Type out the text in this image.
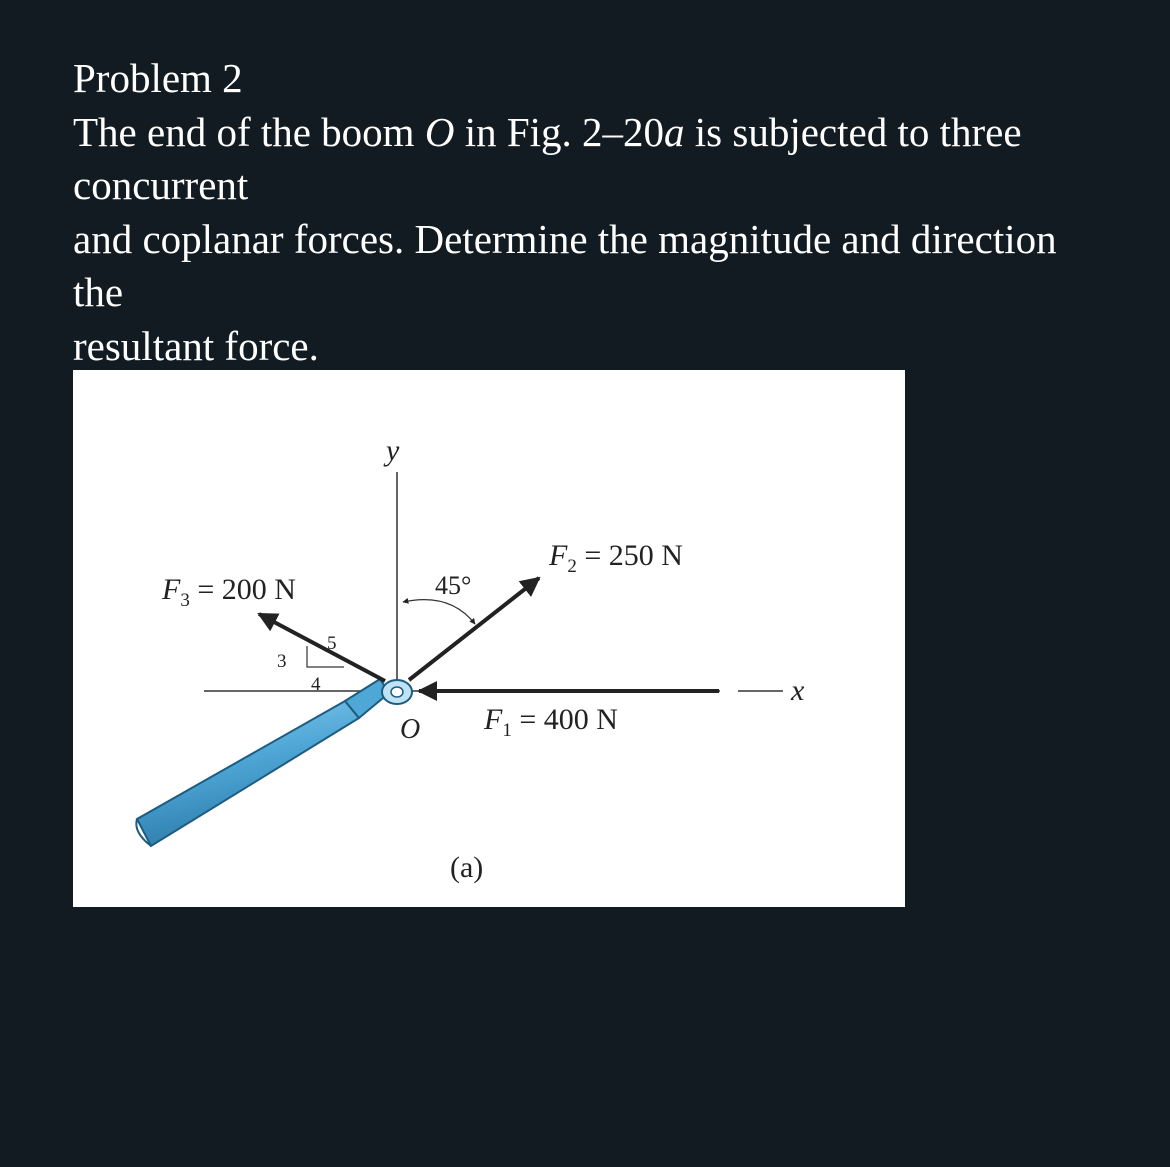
Problem 2
The end of the boom O in Fig. 2–20a is subjected to three
concurrent
and coplanar forces. Determine the magnitude and direction
the
resultant force.
y
x
O
45°
(a)
3
5
4
$F_3 = 200$ N
$F_2 = 250$ N
$F_1 = 400$ N
